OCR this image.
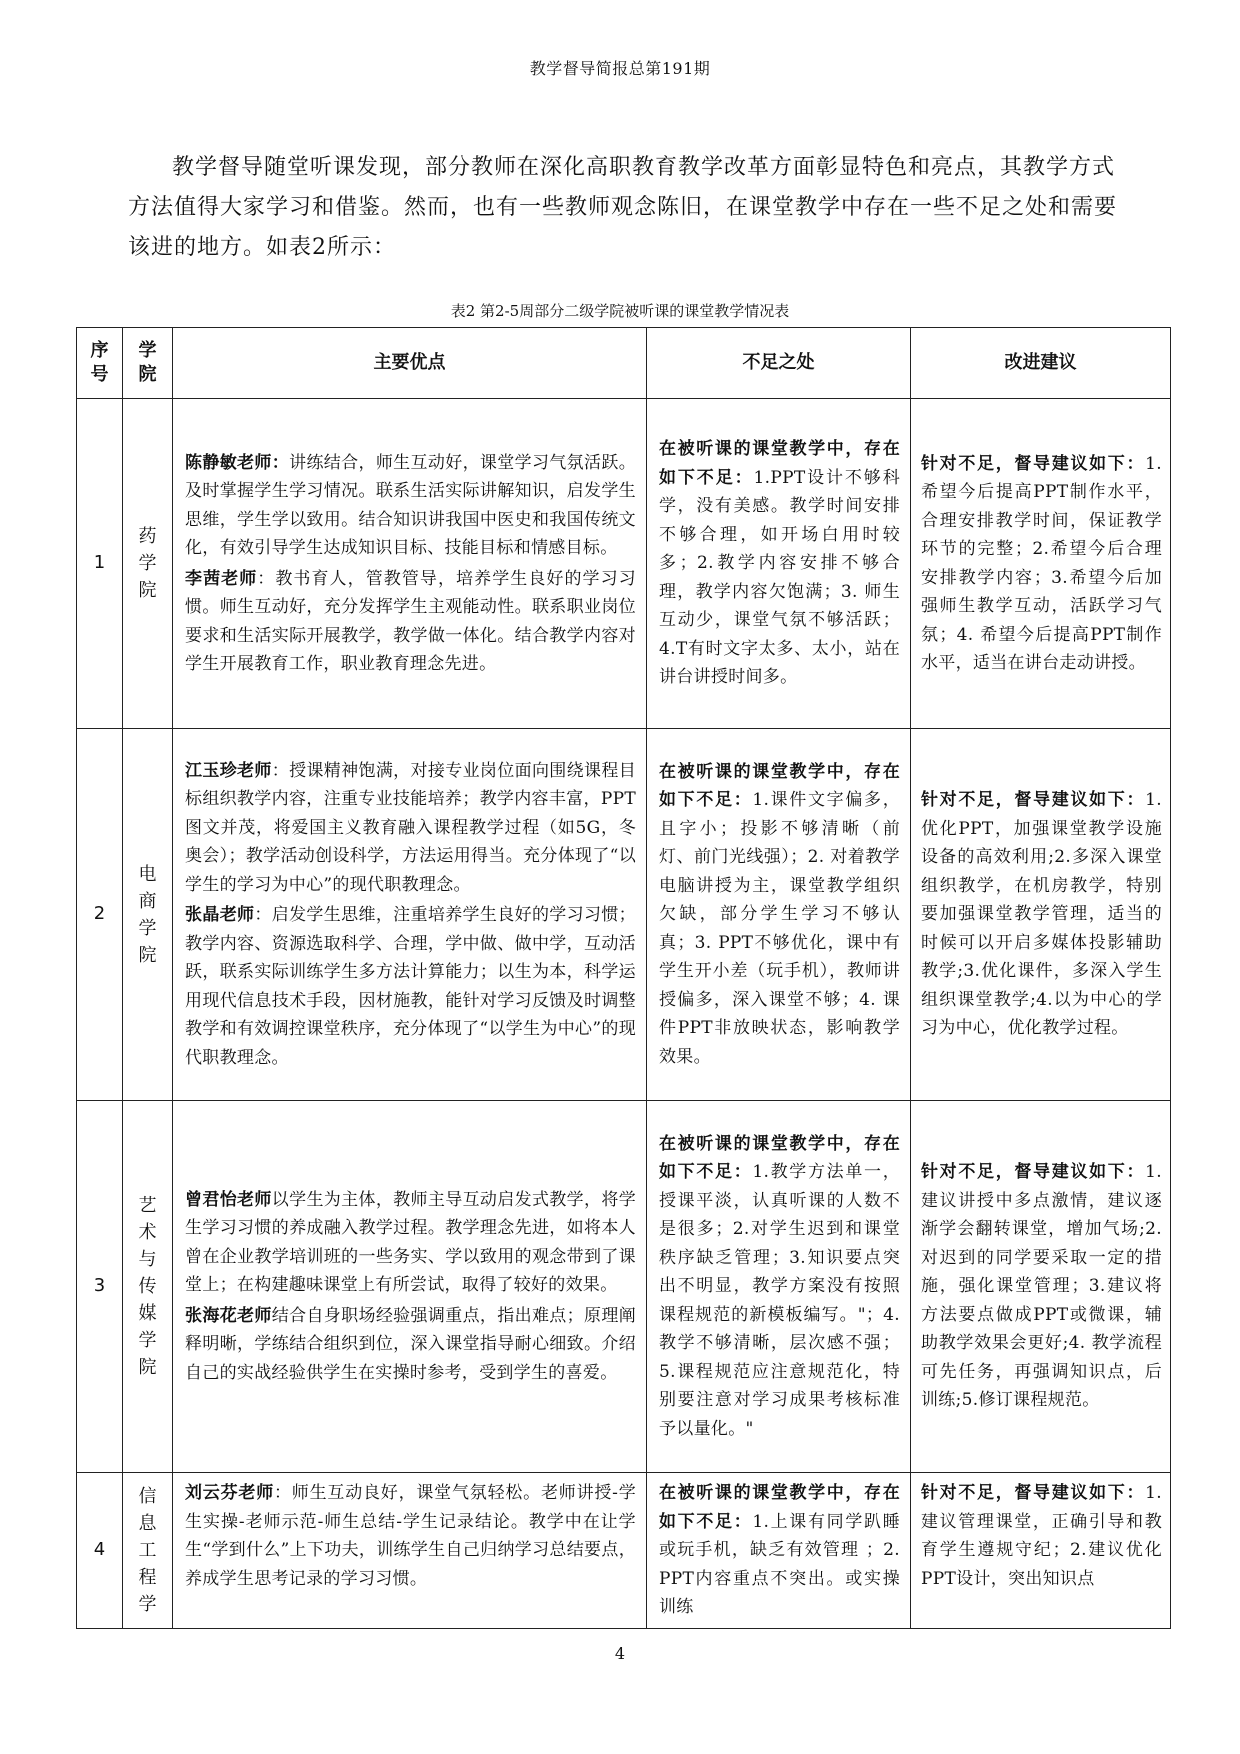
教学督导简报总第191期
教学督导随堂听课发现，部分教师在深化高职教育教学改革方面彰显特色和亮点，其教学方式方法值得大家学习和借鉴。然而，也有一些教师观念陈旧，在课堂教学中存在一些不足之处和需要该进的地方。如表2所示：
表2 第2-5周部分二级学院被听课的课堂教学情况表
序号	学院	主要优点	不足之处	改进建议
1	药学院	陈静敏老师：讲练结合，师生互动好，课堂学习气氛活跃。及时掌握学生学习情况。联系生活实际讲解知识，启发学生思维，学生学以致用。结合知识讲我国中医史和我国传统文化，有效引导学生达成知识目标、技能目标和情感目标。

李茜老师：教书育人，管教管导，培养学生良好的学习习惯。师生互动好，充分发挥学生主观能动性。联系职业岗位要求和生活实际开展教学，教学做一体化。结合教学内容对学生开展教育工作，职业教育理念先进。	在被听课的课堂教学中，存在如下不足：1.PPT设计不够科学，没有美感。教学时间安排不够合理，如开场白用时较多；2.教学内容安排不够合理，教学内容欠饱满；3. 师生互动少，课堂气氛不够活跃；4.T有时文字太多、太小，站在讲台讲授时间多。	针对不足，督导建议如下：1.希望今后提高PPT制作水平，合理安排教学时间，保证教学环节的完整；2.希望今后合理安排教学内容；3.希望今后加强师生教学互动，活跃学习气氛；4. 希望今后提高PPT制作水平，适当在讲台走动讲授。
2	电商学院	江玉珍老师：授课精神饱满，对接专业岗位面向围绕课程目标组织教学内容，注重专业技能培养；教学内容丰富，PPT图文并茂，将爱国主义教育融入课程教学过程（如5G，冬奥会）；教学活动创设科学，方法运用得当。充分体现了“以学生的学习为中心”的现代职教理念。

张晶老师：启发学生思维，注重培养学生良好的学习习惯；教学内容、资源选取科学、合理，学中做、做中学，互动活跃，联系实际训练学生多方法计算能力；以生为本，科学运用现代信息技术手段，因材施教，能针对学习反馈及时调整教学和有效调控课堂秩序，充分体现了“以学生为中心”的现代职教理念。	在被听课的课堂教学中，存在如下不足：1.课件文字偏多，且字小；投影不够清晰（前灯、前门光线强）；2. 对着教学电脑讲授为主，课堂教学组织欠缺，部分学生学习不够认真；3. PPT不够优化，课中有学生开小差（玩手机），教师讲授偏多，深入课堂不够；4. 课件PPT非放映状态，影响教学效果。	针对不足，督导建议如下：1.优化PPT，加强课堂教学设施设备的高效利用;2.多深入课堂组织教学，在机房教学，特别要加强课堂教学管理，适当的时候可以开启多媒体投影辅助教学;3.优化课件，多深入学生组织课堂教学;4.以为中心的学习为中心，优化教学过程。
3	艺术与传媒学院	曾君怡老师以学生为主体，教师主导互动启发式教学，将学生学习习惯的养成融入教学过程。教学理念先进，如将本人曾在企业教学培训班的一些务实、学以致用的观念带到了课堂上；在构建趣味课堂上有所尝试，取得了较好的效果。

张海花老师结合自身职场经验强调重点，指出难点；原理阐释明晰，学练结合组织到位，深入课堂指导耐心细致。介绍自己的实战经验供学生在实操时参考，受到学生的喜爱。	在被听课的课堂教学中，存在如下不足：1.教学方法单一，授课平淡，认真听课的人数不是很多；2.对学生迟到和课堂秩序缺乏管理；3.知识要点突出不明显，教学方案没有按照课程规范的新模板编写。"；4.教学不够清晰，层次感不强；5.课程规范应注意规范化，特别要注意对学习成果考核标准予以量化。"	针对不足，督导建议如下：1.建议讲授中多点激情，建议逐渐学会翻转课堂，增加气场;2.对迟到的同学要采取一定的措施，强化课堂管理；3.建议将方法要点做成PPT或微课，辅助教学效果会更好;4. 教学流程可先任务，再强调知识点，后训练;5.修订课程规范。
4	信息工程学	刘云芬老师：师生互动良好，课堂气氛轻松。老师讲授-学生实操-老师示范-师生总结-学生记录结论。教学中在让学生“学到什么”上下功夫，训练学生自己归纳学习总结要点，养成学生思考记录的学习习惯。	在被听课的课堂教学中，存在如下不足：1.上课有同学趴睡或玩手机，缺乏有效管理 ；2. PPT内容重点不突出。或实操训练	针对不足，督导建议如下：1. 建议管理课堂，正确引导和教育学生遵规守纪；2.建议优化PPT设计，突出知识点
4
